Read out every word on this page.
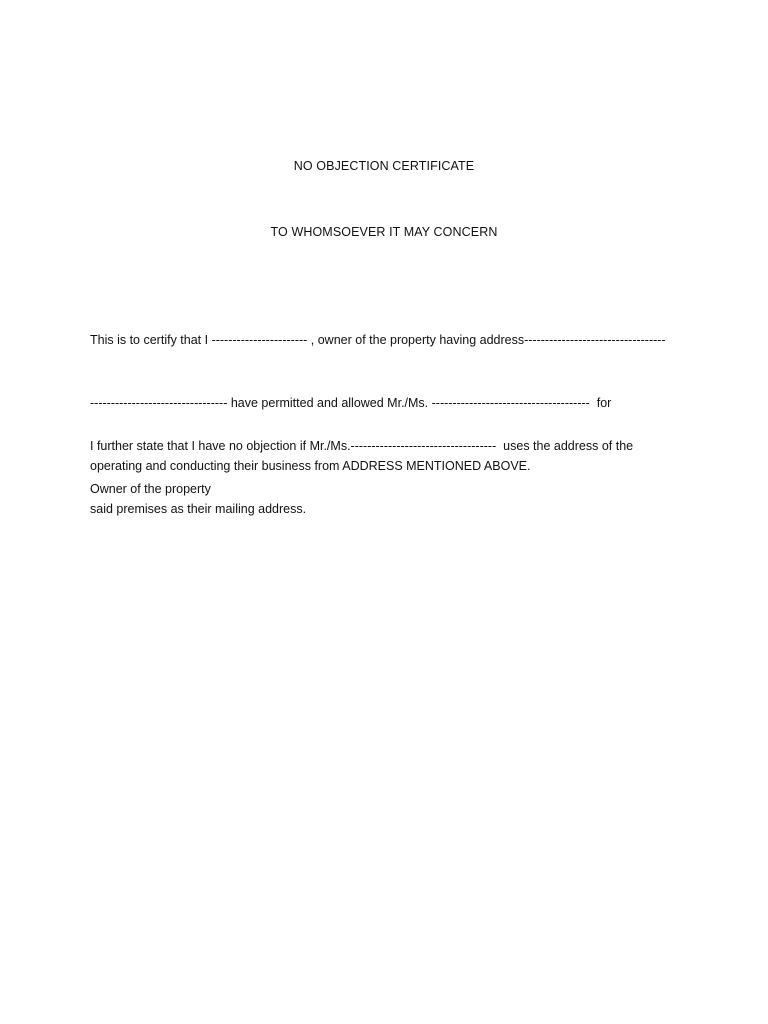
NO OBJECTION CERTIFICATE
TO WHOMSOEVER IT MAY CONCERN

This is to certify that I ----------------------- , owner of the property having address----------------------------------

--------------------------------- have permitted and allowed Mr./Ms. --------------------------------------  for

operating and conducting their business from ADDRESS MENTIONED ABOVE.

I further state that I have no objection if Mr./Ms.-----------------------------------  uses the address of the

said premises as their mailing address.

Owner of the property
